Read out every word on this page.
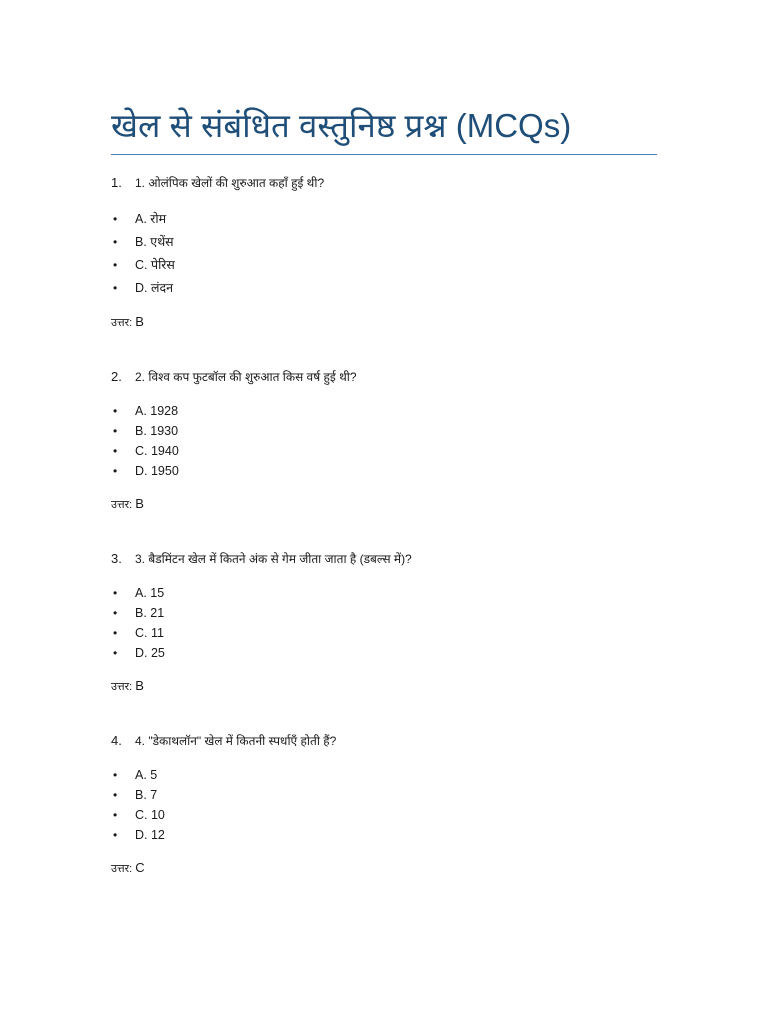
खेल से संबंधित वस्तुनिष्ठ प्रश्न (MCQs)
1. 1. ओलंपिक खेलों की शुरुआत कहाँ हुई थी?
• A. रोम
• B. एथेंस
• C. पेरिस
• D. लंदन
उत्तर: B
2. 2. विश्व कप फुटबॉल की शुरुआत किस वर्ष हुई थी?
• A. 1928
• B. 1930
• C. 1940
• D. 1950
उत्तर: B
3. 3. बैडमिंटन खेल में कितने अंक से गेम जीता जाता है (डबल्स में)?
• A. 15
• B. 21
• C. 11
• D. 25
उत्तर: B
4. 4. "डेकाथलॉन" खेल में कितनी स्पर्धाएँ होती हैं?
• A. 5
• B. 7
• C. 10
• D. 12
उत्तर: C
